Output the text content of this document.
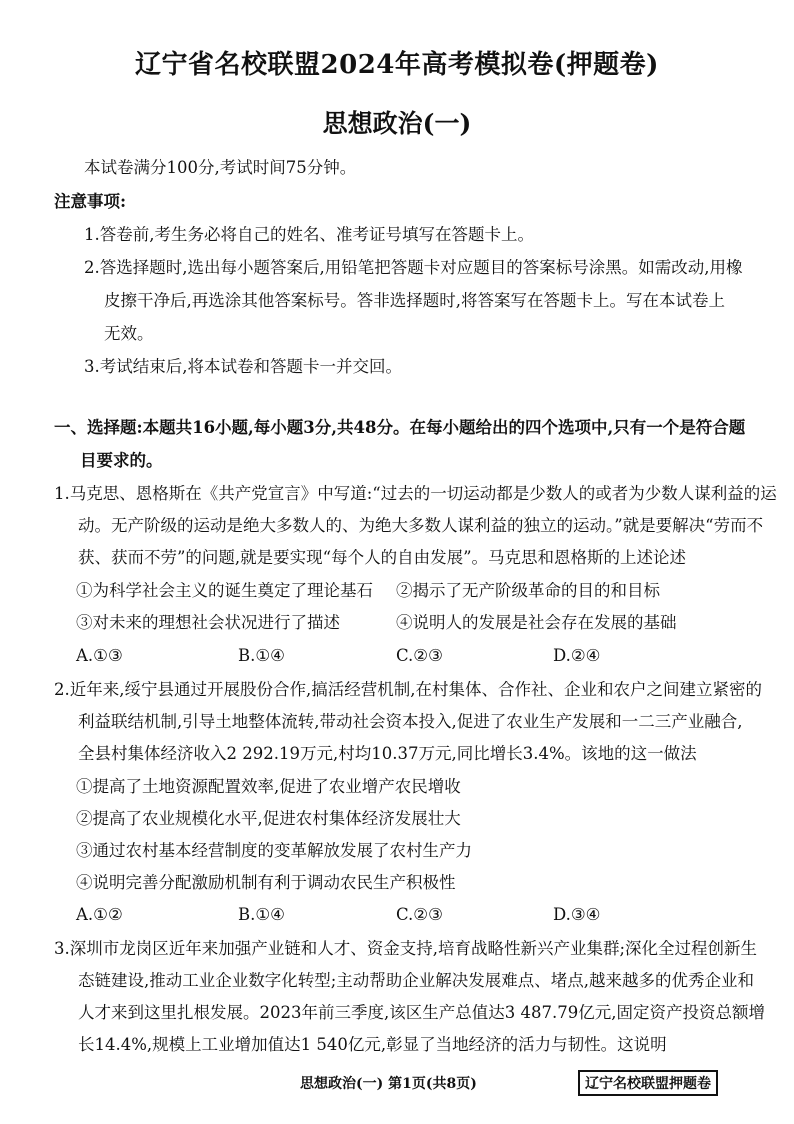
辽宁省名校联盟2024年高考模拟卷(押题卷)
思想政治(一)
本试卷满分100分,考试时间75分钟。
注意事项:
1.答卷前,考生务必将自己的姓名、准考证号填写在答题卡上。
2.答选择题时,选出每小题答案后,用铅笔把答题卡对应题目的答案标号涂黑。如需改动,用橡
皮擦干净后,再选涂其他答案标号。答非选择题时,将答案写在答题卡上。写在本试卷上
无效。
3.考试结束后,将本试卷和答题卡一并交回。
一、选择题:本题共16小题,每小题3分,共48分。在每小题给出的四个选项中,只有一个是符合题
目要求的。
1.马克思、恩格斯在《共产党宣言》中写道:“过去的一切运动都是少数人的或者为少数人谋利益的运
动。无产阶级的运动是绝大多数人的、为绝大多数人谋利益的独立的运动。”就是要解决“劳而不
获、获而不劳”的问题,就是要实现“每个人的自由发展”。马克思和恩格斯的上述论述
①为科学社会主义的诞生奠定了理论基石 ②揭示了无产阶级革命的目的和目标
③对未来的理想社会状况进行了描述	④说明人的发展是社会存在发展的基础
A.①③	B.①④	C.②③	D.②④
2.近年来,绥宁县通过开展股份合作,搞活经营机制,在村集体、合作社、企业和农户之间建立紧密的
利益联结机制,引导土地整体流转,带动社会资本投入,促进了农业生产发展和一二三产业融合,
全县村集体经济收入2 292.19万元,村均10.37万元,同比增长3.4%。该地的这一做法
①提高了土地资源配置效率,促进了农业增产农民增收
②提高了农业规模化水平,促进农村集体经济发展壮大
③通过农村基本经营制度的变革解放发展了农村生产力
④说明完善分配激励机制有利于调动农民生产积极性
A.①②	B.①④	C.②③	D.③④
3.深圳市龙岗区近年来加强产业链和人才、资金支持,培育战略性新兴产业集群;深化全过程创新生
态链建设,推动工业企业数字化转型;主动帮助企业解决发展难点、堵点,越来越多的优秀企业和
人才来到这里扎根发展。2023年前三季度,该区生产总值达3 487.79亿元,固定资产投资总额增
长14.4%,规模上工业增加值达1 540亿元,彰显了当地经济的活力与韧性。这说明
思想政治(一) 第1页(共8页)	辽宁名校联盟押题卷
